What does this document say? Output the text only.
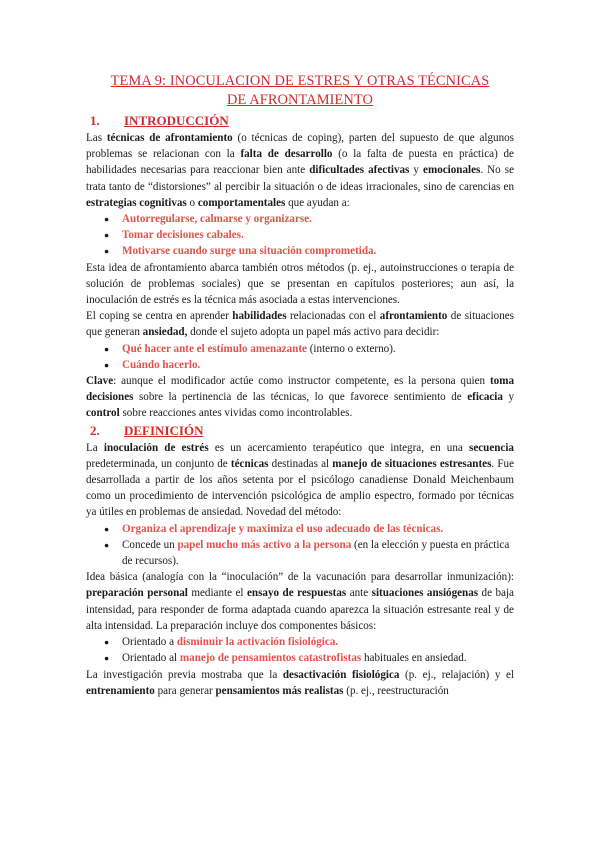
TEMA 9: INOCULACION DE ESTRES Y OTRAS TÉCNICAS
DE AFRONTAMIENTO
1.	INTRODUCCIÓN

Las técnicas de afrontamiento (o técnicas de coping), parten del supuesto de que algunos problemas se relacionan con la falta de desarrollo (o la falta de puesta en práctica) de habilidades necesarias para reaccionar bien ante dificultades afectivas y emocionales. No se trata tanto de “distorsiones” al percibir la situación o de ideas irracionales, sino de carencias en estrategias cognitivas o comportamentales que ayudan a:

● Autorregularse, calmarse y organizarse.
● Tomar decisiones cabales.
● Motivarse cuando surge una situación comprometida.

Esta idea de afrontamiento abarca también otros métodos (p. ej., autoinstrucciones o terapia de solución de problemas sociales) que se presentan en capítulos posteriores; aun así, la inoculación de estrés es la técnica más asociada a estas intervenciones.

El coping se centra en aprender habilidades relacionadas con el afrontamiento de situaciones que generan ansiedad, donde el sujeto adopta un papel más activo para decidir:

● Qué hacer ante el estímulo amenazante (interno o externo).
● Cuándo hacerlo.

Clave: aunque el modificador actúe como instructor competente, es la persona quien toma decisiones sobre la pertinencia de las técnicas, lo que favorece sentimiento de eficacia y control sobre reacciones antes vividas como incontrolables.

2.	DEFINICIÓN

La inoculación de estrés es un acercamiento terapéutico que integra, en una secuencia predeterminada, un conjunto de técnicas destinadas al manejo de situaciones estresantes. Fue desarrollada a partir de los años setenta por el psicólogo canadiense Donald Meichenbaum como un procedimiento de intervención psicológica de amplio espectro, formado por técnicas ya útiles en problemas de ansiedad. Novedad del método:

● Organiza el aprendizaje y maximiza el uso adecuado de las técnicas.
● Concede un papel mucho más activo a la persona (en la elección y puesta en práctica de recursos).

Idea básica (analogía con la “inoculación” de la vacunación para desarrollar inmunización): preparación personal mediante el ensayo de respuestas ante situaciones ansiógenas de baja intensidad, para responder de forma adaptada cuando aparezca la situación estresante real y de alta intensidad. La preparación incluye dos componentes básicos:

● Orientado a disminuir la activación fisiológica.
● Orientado al manejo de pensamientos catastrofistas habituales en ansiedad.

La investigación previa mostraba que la desactivación fisiológica (p. ej., relajación) y el entrenamiento para generar pensamientos más realistas (p. ej., reestructuración
